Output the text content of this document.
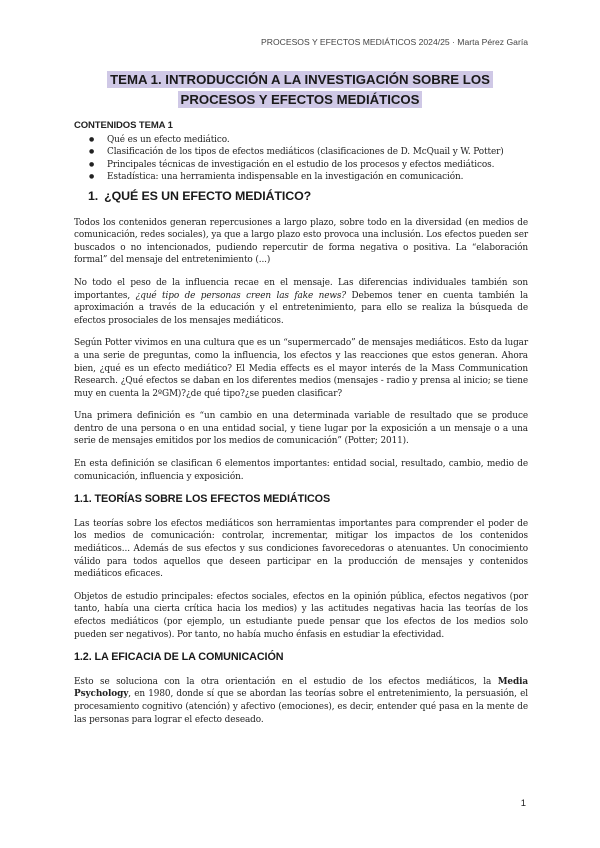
PROCESOS Y EFECTOS MEDIÁTICOS 2024/25 · Marta Pérez Garía
TEMA 1. INTRODUCCIÓN A LA INVESTIGACIÓN SOBRE LOS
PROCESOS Y EFECTOS MEDIÁTICOS
CONTENIDOS TEMA 1
● Qué es un efecto mediático.
● Clasificación de los tipos de efectos mediáticos (clasificaciones de D. McQuail y W. Potter)
● Principales técnicas de investigación en el estudio de los procesos y efectos mediáticos.
● Estadística: una herramienta indispensable en la investigación en comunicación.
1. ¿QUÉ ES UN EFECTO MEDIÁTICO?

Todos los contenidos generan repercusiones a largo plazo, sobre todo en la diversidad (en medios de comunicación, redes sociales), ya que a largo plazo esto provoca una inclusión. Los efectos pueden ser buscados o no intencionados, pudiendo repercutir de forma negativa o positiva. La “elaboración formal” del mensaje del entretenimiento (...)

No todo el peso de la influencia recae en el mensaje. Las diferencias individuales también son importantes, ¿qué tipo de personas creen las fake news? Debemos tener en cuenta también la aproximación a través de la educación y el entretenimiento, para ello se realiza la búsqueda de efectos prosociales de los mensajes mediáticos.

Según Potter vivimos en una cultura que es un “supermercado” de mensajes mediáticos. Esto da lugar a una serie de preguntas, como la influencia, los efectos y las reacciones que estos generan. Ahora bien, ¿qué es un efecto mediático? El Media effects es el mayor interés de la Mass Communication Research. ¿Qué efectos se daban en los diferentes medios (mensajes - radio y prensa al inicio; se tiene muy en cuenta la 2ºGM)?¿de qué tipo?¿se pueden clasificar?

Una primera definición es “un cambio en una determinada variable de resultado que se produce dentro de una persona o en una entidad social, y tiene lugar por la exposición a un mensaje o a una serie de mensajes emitidos por los medios de comunicación” (Potter; 2011).

En esta definición se clasifican 6 elementos importantes: entidad social, resultado, cambio, medio de comunicación, influencia y exposición.

1.1. TEORÍAS SOBRE LOS EFECTOS MEDIÁTICOS

Las teorías sobre los efectos mediáticos son herramientas importantes para comprender el poder de los medios de comunicación: controlar, incrementar, mitigar los impactos de los contenidos mediáticos... Además de sus efectos y sus condiciones favorecedoras o atenuantes. Un conocimiento válido para todos aquellos que deseen participar en la producción de mensajes y contenidos mediáticos eficaces.

Objetos de estudio principales: efectos sociales, efectos en la opinión pública, efectos negativos (por tanto, había una cierta crítica hacia los medios) y las actitudes negativas hacia las teorías de los efectos mediáticos (por ejemplo, un estudiante puede pensar que los efectos de los medios solo pueden ser negativos). Por tanto, no había mucho énfasis en estudiar la efectividad.

1.2. LA EFICACIA DE LA COMUNICACIÓN

Esto se soluciona con la otra orientación en el estudio de los efectos mediáticos, la Media Psychology, en 1980, donde sí que se abordan las teorías sobre el entretenimiento, la persuasión, el procesamiento cognitivo (atención) y afectivo (emociones), es decir, entender qué pasa en la mente de las personas para lograr el efecto deseado.

1
